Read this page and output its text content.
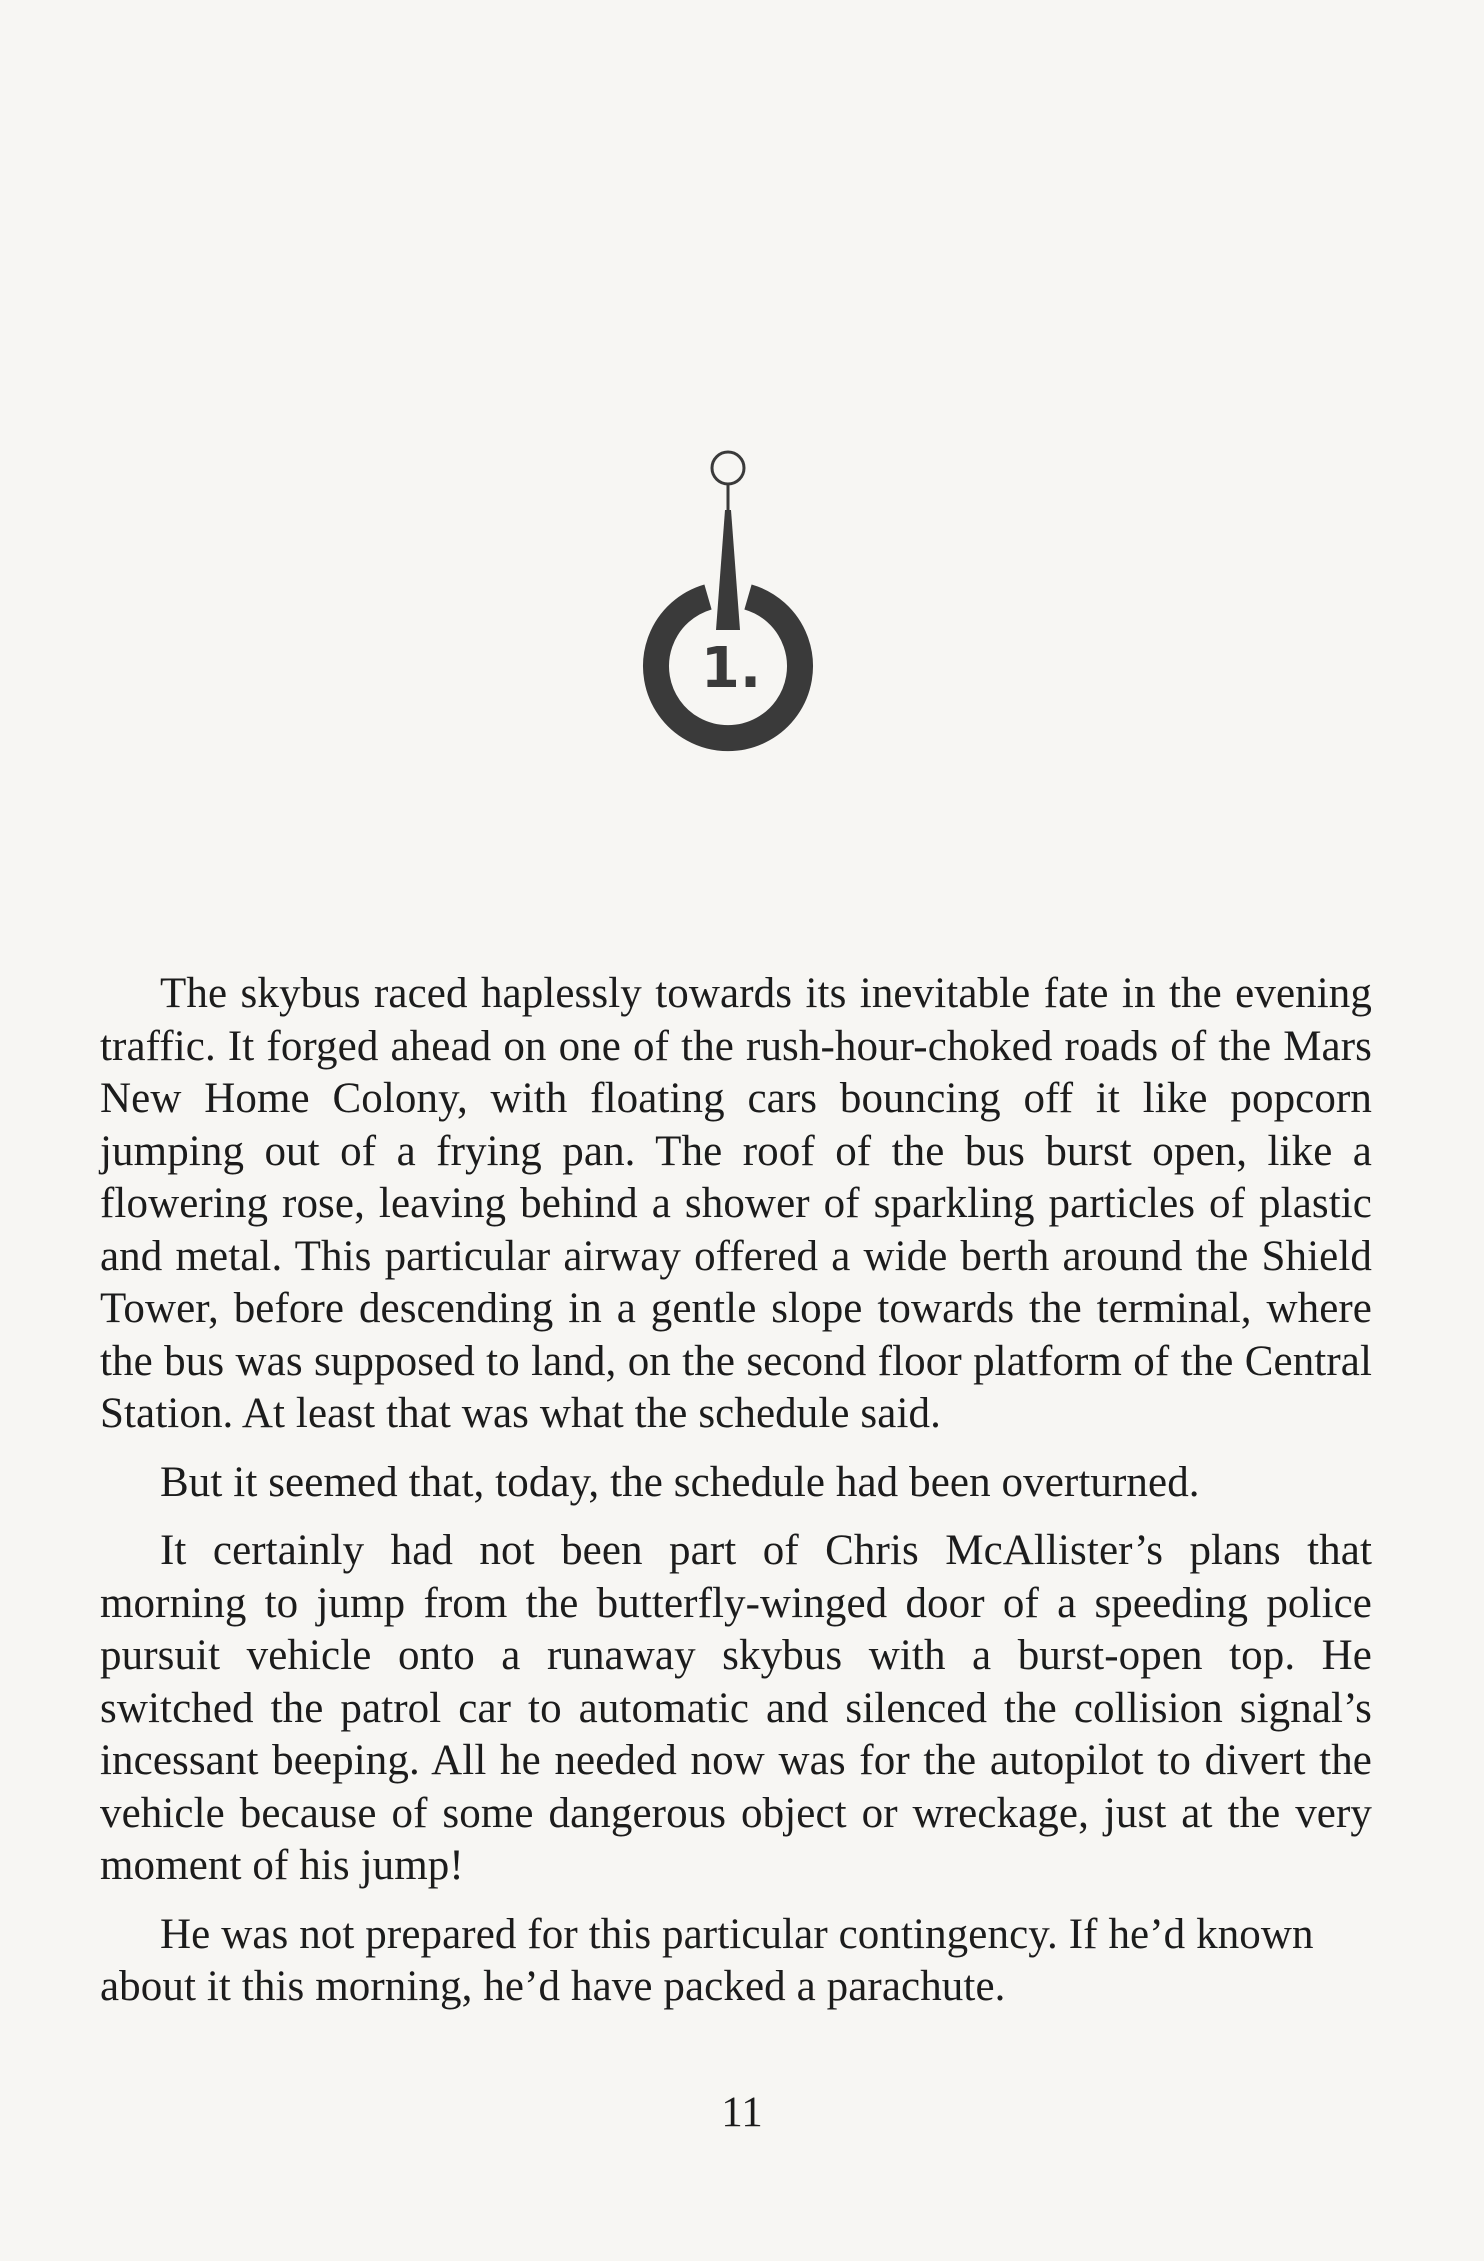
1.

The skybus raced haplessly towards its inevitable fate in the evening traffic. It forged ahead on one of the rush-hour-choked roads of the Mars New Home Colony, with floating cars bouncing off it like popcorn jumping out of a frying pan. The roof of the bus burst open, like a flowering rose, leaving behind a shower of sparkling particles of plastic and metal. This particular airway offered a wide berth around the Shield Tower, before descending in a gentle slope towards the terminal, where the bus was supposed to land, on the second floor platform of the Central Station. At least that was what the schedule said.

But it seemed that, today, the schedule had been overturned.

It certainly had not been part of Chris McAllister’s plans that morning to jump from the butterfly-winged door of a speeding police pursuit vehicle onto a runaway skybus with a burst-open top. He switched the patrol car to automatic and silenced the collision signal’s incessant beeping. All he needed now was for the autopilot to divert the vehicle because of some dangerous object or wreckage, just at the very moment of his jump!

He was not prepared for this particular contingency. If he’d known about it this morning, he’d have packed a parachute.

11
